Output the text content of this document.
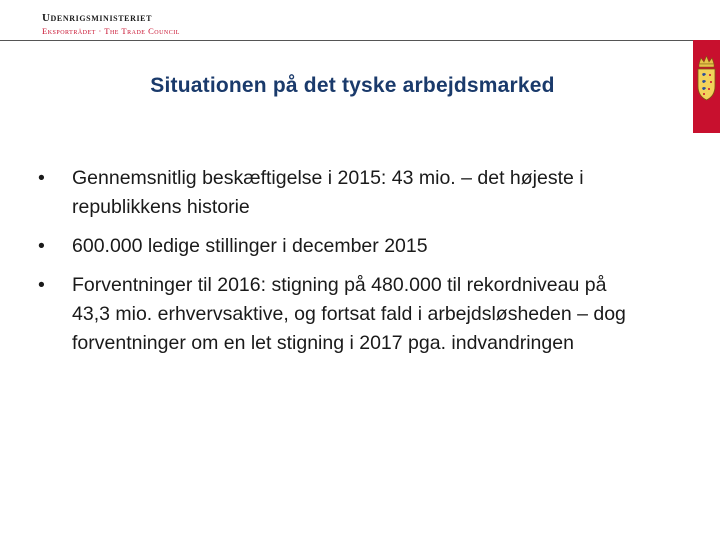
Udenrigsministeriet
Eksportrådet · The Trade Council
Situationen på det tyske arbejdsmarked
•	Gennemsnitlig beskæftigelse i 2015: 43 mio. – det højeste i republikkens historie
•	600.000 ledige stillinger i december 2015
•	Forventninger til 2016: stigning på 480.000 til rekordniveau på 43,3 mio. erhvervsaktive, og fortsat fald i arbejdsløsheden – dog forventninger om en let stigning i 2017 pga. indvandringen
